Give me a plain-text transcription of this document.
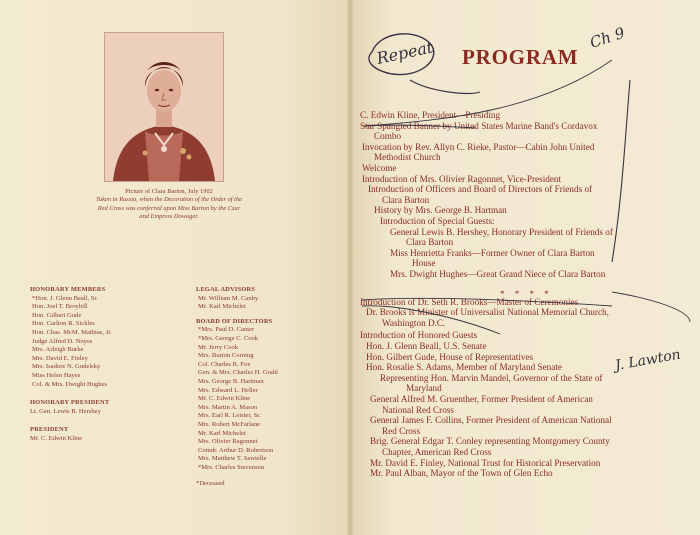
Picture of Clara Barton, July 1902
Taken in Russia, when the Decoration of the Order of the Red Cross was conferred upon Miss Barton by the Czar and Empress Dowager.
HONORARY MEMBERS
*Hon. J. Glenn Beall, Sr.
Hon. Joel T. Broyhill
Hon. Gilbert Gude
Hon. Carlton R. Sickles
Hon. Chas. McM. Mathias, Jr.
Judge Alfred D. Noyes
Mrs. Arleigh Burke
Mrs. David E. Finley
Mrs. Isadore N. Gudelsky
Miss Helen Hayes
Col. & Mrs. Dwight Hughes
HONORARY PRESIDENT
Lt. Gen. Lewis B. Hershey
PRESIDENT
Mr. C. Edwin Kline
LEGAL ADVISORS
Mr. William M. Canby
Mr. Karl Michelet
BOARD OF DIRECTORS
*Mrs. Paul D. Canter
*Mrs. George C. Cook
Mr. Jerry Cook
Mrs. Burton Corning
Col. Charles R. Fox
Gen. & Mrs. Charles H. Grahl
Mrs. George B. Hartman
Mrs. Edward L. Heller
Mr. C. Edwin Kline
Mrs. Martin A. Mason
Mrs. Earl R. Leister, Sr.
Mrs. Robert McFarlane
Mr. Karl Michelet
Mrs. Olivier Ragonnet
Comdr. Arthur D. Robertson
Mrs. Matthew T. Sawtelle
*Mrs. Charles Stevenson
*Deceased
PROGRAM
C. Edwin Kline, President—Presiding
Star Spangled Banner by United States Marine Band's Cordavox
Combo
Invocation by Rev. Allyn C. Rieke, Pastor—Cabin John United
Methodist Church
Welcome
Introduction of Mrs. Olivier Ragonnet, Vice-President
Introduction of Officers and Board of Directors of Friends of
Clara Barton
History by Mrs. George B. Hartman
Introduction of Special Guests:
General Lewis B. Hershey, Honorary President of Friends of
Clara Barton
Miss Henrietta Franks—Former Owner of Clara Barton
House
Mrs. Dwight Hughes—Great Grand Niece of Clara Barton
Introduction of Dr. Seth R. Brooks—Master of Ceremonies
Dr. Brooks is Minister of Universalist National Memorial Church,
Washington D.C.
Introduction of Honored Guests
Hon. J. Glenn Beall, U.S. Senate
Hon. Gilbert Gude, House of Representatives
Hon. Rosalie S. Adams, Member of Maryland Senate
Representing Hon. Marvin Mandel, Governor of the State of
Maryland
General Alfred M. Gruenther, Former President of American
National Red Cross
General James F. Collins, Former President of American National
Red Cross
Brig. General Edgar T. Conley representing Montgomery County
Chapter, American Red Cross
Mr. David E. Finley, National Trust for Historical Preservation
Mr. Paul Alban, Mayor of the Town of Glen Echo
* * * *
Repeat	Ch 9
J. Lawton
